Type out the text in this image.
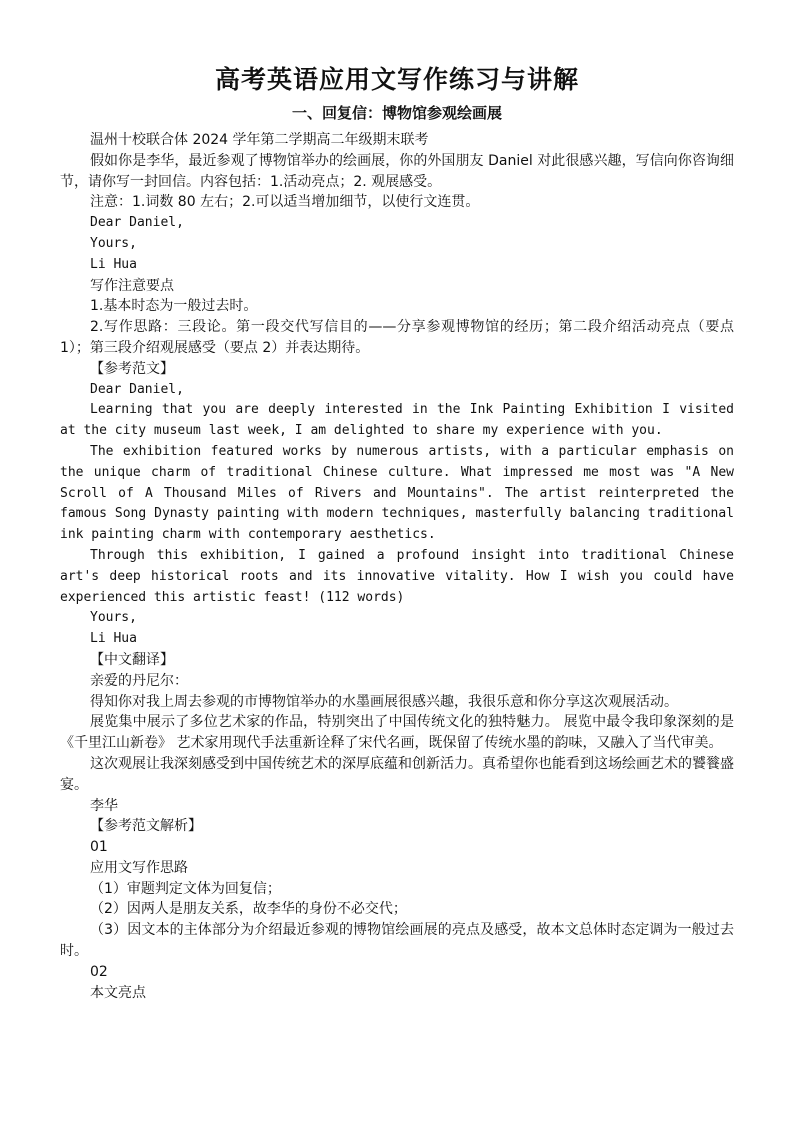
高考英语应用文写作练习与讲解
一、回复信：博物馆参观绘画展

温州十校联合体 2024 学年第二学期高二年级期末联考

假如你是李华，最近参观了博物馆举办的绘画展，你的外国朋友 Daniel 对此很感兴趣，写信向你咨询细节，请你写一封回信。内容包括：1.活动亮点；2. 观展感受。

注意：1.词数 80 左右；2.可以适当增加细节，以使行文连贯。

Dear Daniel,

Yours,

Li Hua

写作注意要点

1.基本时态为一般过去时。

2.写作思路：三段论。第一段交代写信目的——分享参观博物馆的经历；第二段介绍活动亮点（要点 1）；第三段介绍观展感受（要点 2）并表达期待。

【参考范文】

Dear Daniel,

Learning that you are deeply interested in the Ink Painting Exhibition I visited at the city museum last week, I am delighted to share my experience with you.

The exhibition featured works by numerous artists, with a particular emphasis on the unique charm of traditional Chinese culture. What impressed me most was "A New Scroll of A Thousand Miles of Rivers and Mountains". The artist reinterpreted the famous Song Dynasty painting with modern techniques, masterfully balancing traditional ink painting charm with contemporary aesthetics.

Through this exhibition, I gained a profound insight into traditional Chinese art's deep historical roots and its innovative vitality. How I wish you could have experienced this artistic feast! (112 words)

Yours,

Li Hua

【中文翻译】

亲爱的丹尼尔：

得知你对我上周去参观的市博物馆举办的水墨画展很感兴趣，我很乐意和你分享这次观展活动。

展览集中展示了多位艺术家的作品，特别突出了中国传统文化的独特魅力。 展览中最令我印象深刻的是《千里江山新卷》 艺术家用现代手法重新诠释了宋代名画，既保留了传统水墨的韵味，又融入了当代审美。

这次观展让我深刻感受到中国传统艺术的深厚底蕴和创新活力。真希望你也能看到这场绘画艺术的饕餮盛宴。

李华

【参考范文解析】

01

应用文写作思路

（1）审题判定文体为回复信；

（2）因两人是朋友关系，故李华的身份不必交代；

（3）因文本的主体部分为介绍最近参观的博物馆绘画展的亮点及感受，故本文总体时态定调为一般过去时。

02

本文亮点
